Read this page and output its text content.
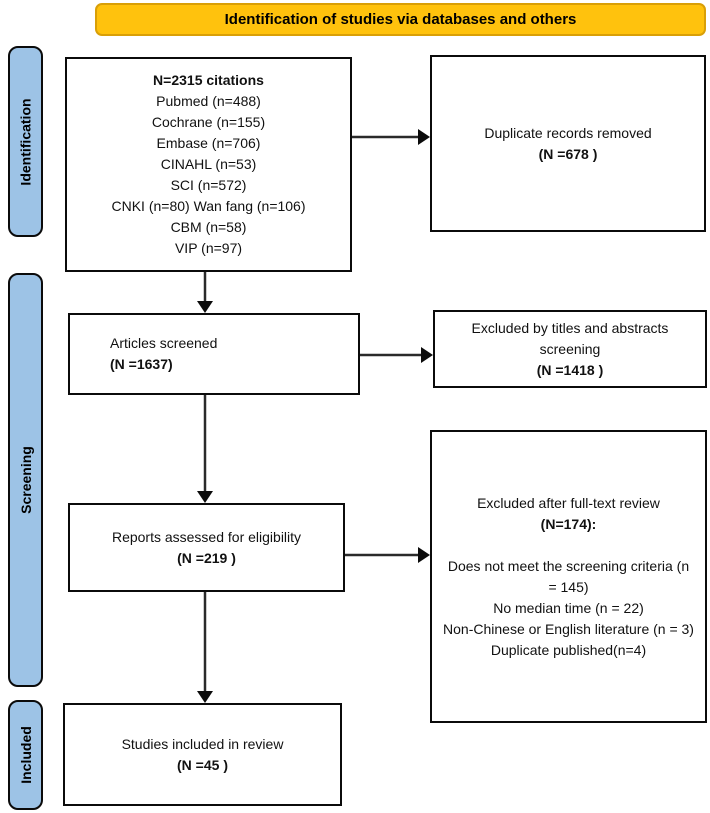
Identification of studies via databases and others
Identification
Screening
Included
N=2315 citations
Pubmed (n=488)
Cochrane (n=155)
Embase (n=706)
CINAHL (n=53)
SCI (n=572)
CNKI (n=80) Wan fang (n=106)
CBM (n=58)
VIP (n=97)
Duplicate records removed
(N =678 )
Articles screened
(N =1637)
Excluded by titles and abstracts
screening
(N =1418 )
Reports assessed for eligibility
(N =219 )
Excluded after full-text review
(N=174):
Does not meet the screening criteria (n = 145)
No median time (n = 22)
Non-Chinese or English literature (n = 3)
Duplicate published(n=4)
Studies included in review
(N =45 )
